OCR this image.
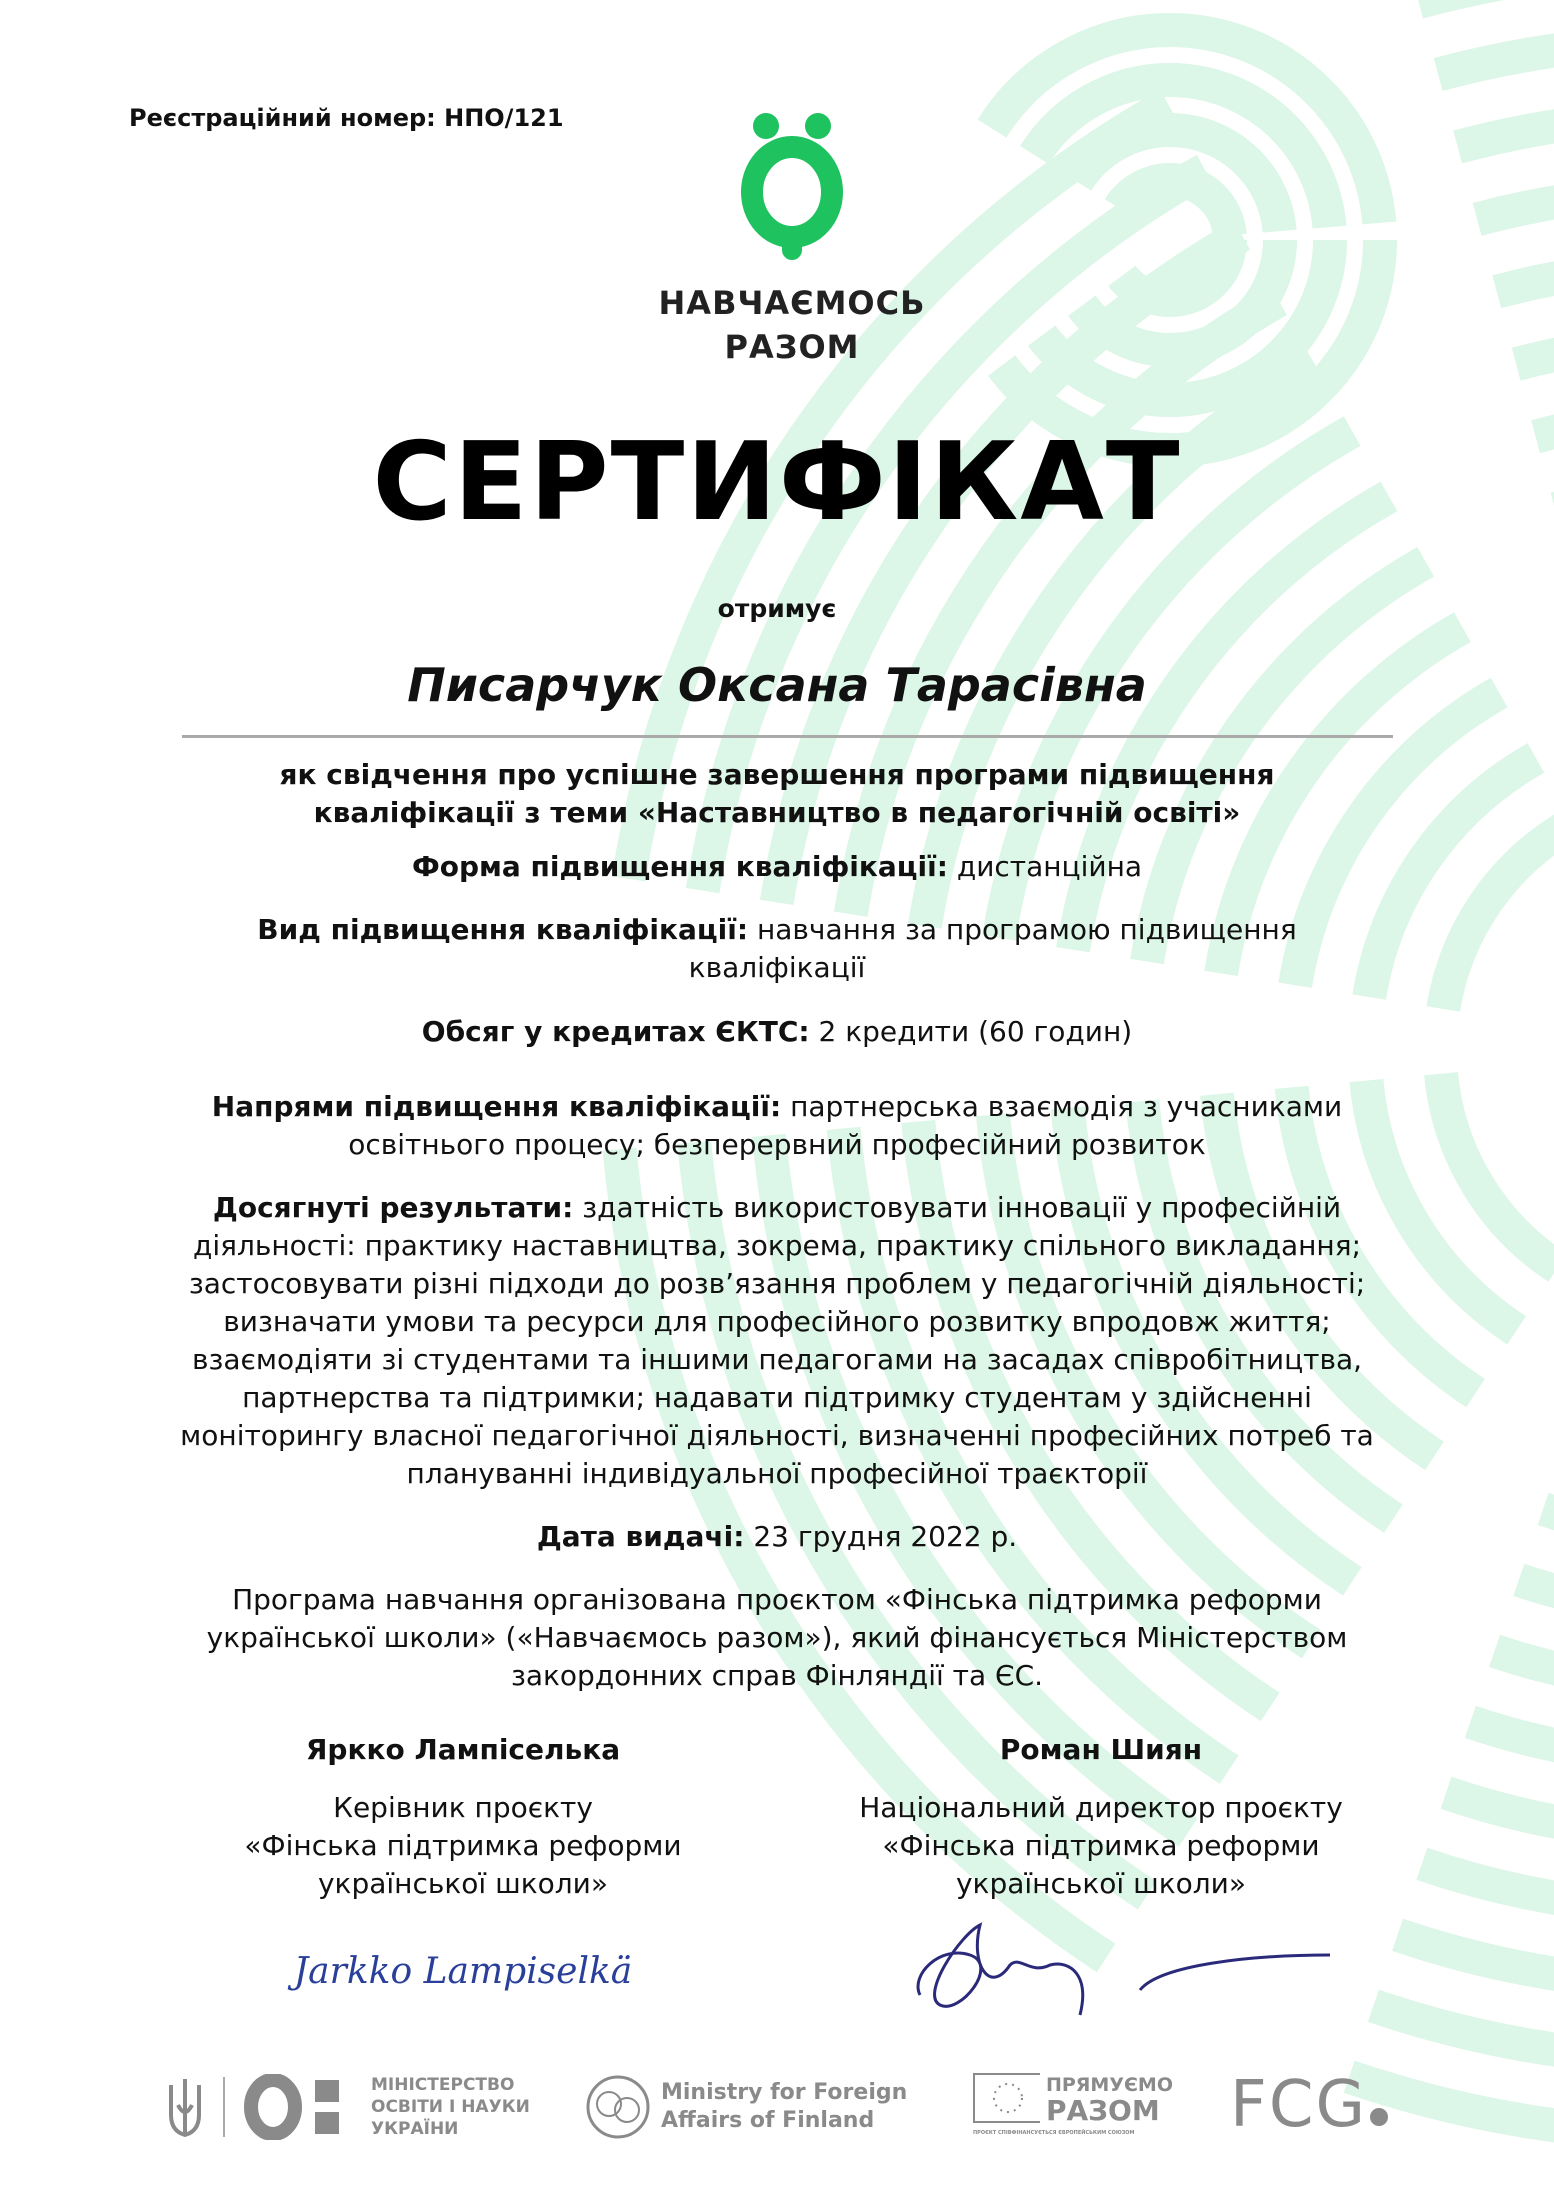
Реєстраційний номер: НПО/121
НАВЧАЄМОСЬ
РАЗОМ
СЕРТИФІКАТ
отримує
Писарчук Оксана Тарасівна
як свідчення про успішне завершення програми підвищення
кваліфікації з теми «Наставництво в педагогічній освіті»
Форма підвищення кваліфікації: дистанційна
Вид підвищення кваліфікації: навчання за програмою підвищення
кваліфікації
Обсяг у кредитах ЄКТС: 2 кредити (60 годин)
Напрями підвищення кваліфікації: партнерська взаємодія з учасниками
освітнього процесу; безперервний професійний розвиток
Досягнуті результати: здатність використовувати інновації у професійній
діяльності: практику наставництва, зокрема, практику спільного викладання;
застосовувати різні підходи до розв’язання проблем у педагогічній діяльності;
визначати умови та ресурси для професійного розвитку впродовж життя;
взаємодіяти зі студентами та іншими педагогами на засадах співробітництва,
партнерства та підтримки; надавати підтримку студентам у здійсненні
моніторингу власної педагогічної діяльності, визначенні професійних потреб та
плануванні індивідуальної професійної траєкторії
Дата видачі: 23 грудня 2022 р.
Програма навчання організована проєктом «Фінська підтримка реформи
української школи» («Навчаємось разом»), який фінансується Міністерством
закордонних справ Фінляндії та ЄС.
Яркко Лампіселька
Керівник проєкту
«Фінська підтримка реформи
української школи»
Jarkko Lampiselkä
Роман Шиян
Національний директор проєкту
«Фінська підтримка реформи
української школи»
МІНІСТЕРСТВО
ОСВІТИ І НАУКИ
УКРАЇНИ
Ministry for Foreign
Affairs of Finland
ПРЯМУЄМО
РАЗОМ
ПРОЄКТ СПІВФІНАНСУЄТЬСЯ ЄВРОПЕЙСЬКИМ СОЮЗОМ	FCG
